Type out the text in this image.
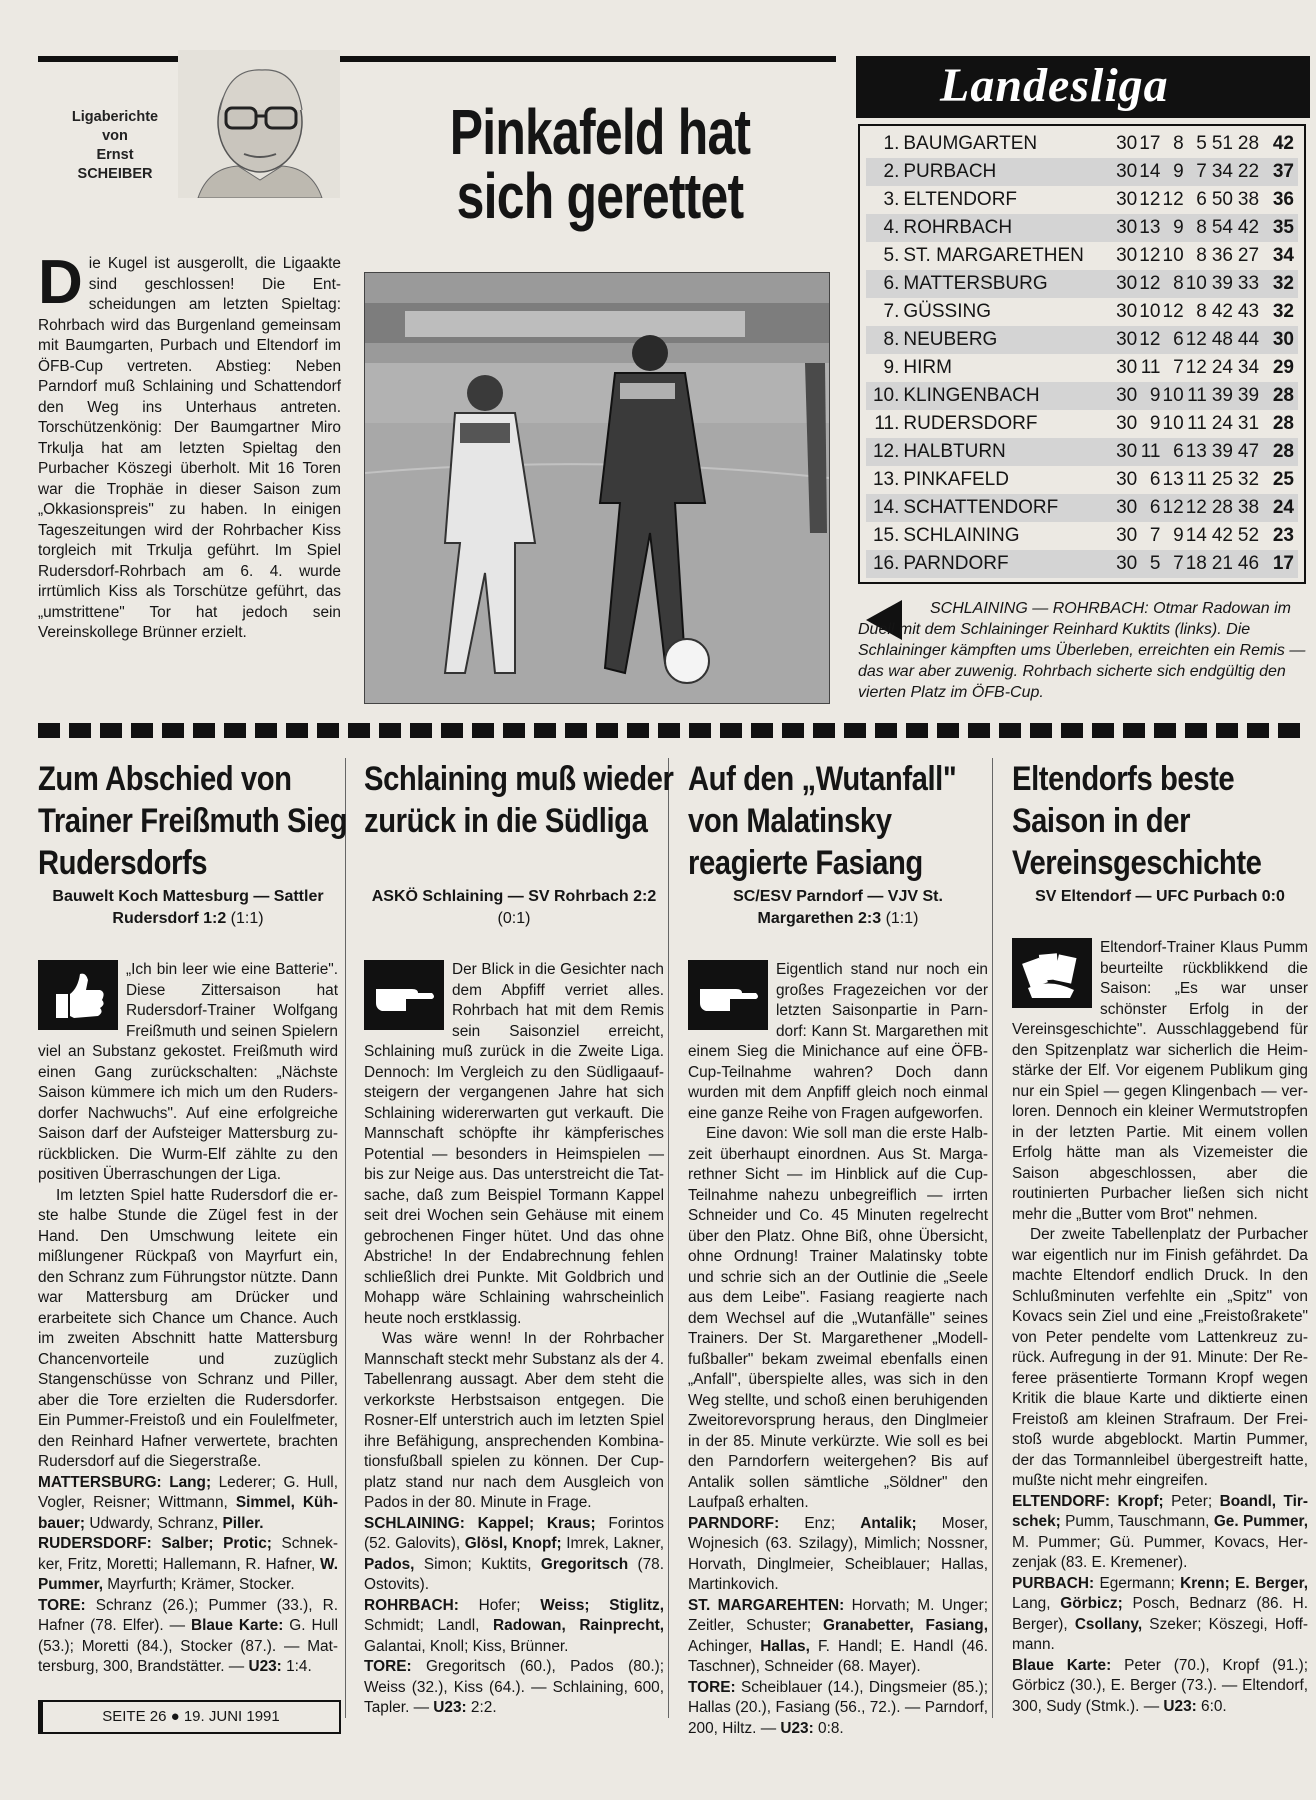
Ligaberichte
von
Ernst
SCHEIBER
Pinkafeld hat
sich gerettet
Die Kugel ist ausgerollt, die Ligaakte sind geschlossen! Die Entscheidungen am letzten Spieltag: Rohrbach wird das Burgenland gemeinsam mit Baumgarten, Purbach und Eltendorf im ÖFB-Cup vertreten. Abstieg: Neben Parndorf muß Schlaining und Schattendorf den Weg ins Unterhaus antreten. Torschützenkönig: Der Baumgartner Miro Trkulja hat am letzten Spieltag den Purbacher Köszegi überholt. Mit 16 Toren war die Trophäe in dieser Saison zum „Okkasionspreis" zu haben. In einigen Tageszeitungen wird der Rohrbacher Kiss torgleich mit Trkulja geführt. Im Spiel Rudersdorf-Rohrbach am 6. 4. wurde irrtümlich Kiss als Torschütze geführt, das „umstrittene" Tor hat jedoch sein Vereinskollege Brünner erzielt.
Landesliga
1.	BAUMGARTEN	30	17	8	5	51	28	42
2.	PURBACH	30	14	9	7	34	22	37
3.	ELTENDORF	30	12	12	6	50	38	36
4.	ROHRBACH	30	13	9	8	54	42	35
5.	ST. MARGARETHEN	30	12	10	8	36	27	34
6.	MATTERSBURG	30	12	8	10	39	33	32
7.	GÜSSING	30	10	12	8	42	43	32
8.	NEUBERG	30	12	6	12	48	44	30
9.	HIRM	30	11	7	12	24	34	29
10.	KLINGENBACH	30	9	10	11	39	39	28
11.	RUDERSDORF	30	9	10	11	24	31	28
12.	HALBTURN	30	11	6	13	39	47	28
13.	PINKAFELD	30	6	13	11	25	32	25
14.	SCHATTENDORF	30	6	12	12	28	38	24
15.	SCHLAINING	30	7	9	14	42	52	23
16.	PARNDORF	30	5	7	18	21	46	17
SCHLAINING — ROHRBACH: Otmar Radowan im Duell mit dem Schlaininger Reinhard Kuktits (links). Die Schlaininger kämpften ums Überleben, erreichten ein Remis — das war aber zuwenig. Rohrbach sicherte sich endgültig den vierten Platz im ÖFB-Cup.
Zum Abschied von Trainer Freißmuth Sieg Rudersdorfs
Bauwelt Koch Mattesburg — Sattler Rudersdorf 1:2 (1:1)

„Ich bin leer wie eine Batterie". Diese Zittersaison hat Rudersdorf-Trainer Wolfgang Freißmuth und seinen Spielern viel an Substanz gekostet. Freißmuth wird einen Gang zurückschalten: „Nächste Saison kümmere ich mich um den Rudersdorfer Nachwuchs". Auf eine erfolgreiche Saison darf der Aufsteiger Mattersburg zurückblicken. Die Wurm-Elf zählte zu den positiven Überraschungen der Liga.

Im letzten Spiel hatte Rudersdorf die erste halbe Stunde die Zügel fest in der Hand. Den Umschwung leitete ein mißlungener Rückpaß von Mayrfurt ein, den Schranz zum Führungstor nützte. Dann war Mattersburg am Drücker und erarbeitete sich Chance um Chance. Auch im zweiten Abschnitt hatte Mattersburg Chancenvorteile und zuzüglich Stangenschüsse von Schranz und Piller, aber die Tore erzielten die Rudersdorfer. Ein Pummer-Freistoß und ein Foulelfmeter, den Reinhard Hafner verwertete, brachten Rudersdorf auf die Siegerstraße.

MATTERSBURG: Lang; Lederer; G. Hull, Vogler, Reisner; Wittmann, Simmel, Kühbauer; Udwardy, Schranz, Piller.
RUDERSDORF: Salber; Protic; Schnekker, Fritz, Moretti; Hallemann, R. Hafner, W. Pummer, Mayrfurth; Krämer, Stocker.
TORE: Schranz (26.); Pummer (33.), R. Hafner (78. Elfer). — Blaue Karte: G. Hull (53.); Moretti (84.), Stocker (87.). — Mattersburg, 300, Brandstätter. — U23: 1:4.
Schlaining muß wieder zurück in die Südliga
ASKÖ Schlaining — SV Rohrbach 2:2 (0:1)

Der Blick in die Gesichter nach dem Abpfiff verriet alles. Rohrbach hat mit dem Remis sein Saisonziel erreicht, Schlaining muß zurück in die Zweite Liga. Dennoch: Im Vergleich zu den Südligaaufsteigern der vergangenen Jahre hat sich Schlaining widererwarten gut verkauft. Die Mannschaft schöpfte ihr kämpferisches Potential — besonders in Heimspielen — bis zur Neige aus. Das unterstreicht die Tatsache, daß zum Beispiel Tormann Kappel seit drei Wochen sein Gehäuse mit einem gebrochenen Finger hütet. Und das ohne Abstriche! In der Endabrechnung fehlen schließlich drei Punkte. Mit Goldbrich und Mohapp wäre Schlaining wahrscheinlich heute noch erstklassig.

Was wäre wenn! In der Rohrbacher Mannschaft steckt mehr Substanz als der 4. Tabellenrang aussagt. Aber dem steht die verkorkste Herbstsaison entgegen. Die Rosner-Elf unterstrich auch im letzten Spiel ihre Befähigung, ansprechenden Kombinationsfußball spielen zu können. Der Cupplatz stand nur nach dem Ausgleich von Pados in der 80. Minute in Frage.

SCHLAINING: Kappel; Kraus; Forintos (52. Galovits), Glösl, Knopf; Imrek, Lakner, Pados, Simon; Kuktits, Gregoritsch (78. Ostovits).
ROHRBACH: Hofer; Weiss; Stiglitz, Schmidt; Landl, Radowan, Rainprecht, Galantai, Knoll; Kiss, Brünner.
TORE: Gregoritsch (60.), Pados (80.); Weiss (32.), Kiss (64.). — Schlaining, 600, Tapler. — U23: 2:2.
Auf den „Wutanfall" von Malatinsky reagierte Fasiang
SC/ESV Parndorf — VJV St. Margarethen 2:3 (1:1)

Eigentlich stand nur noch ein großes Fragezeichen vor der letzten Saisonpartie in Parndorf: Kann St. Margarethen mit einem Sieg die Minichance auf eine ÖFB-Cup-Teilnahme wahren? Doch dann wurden mit dem Anpfiff gleich noch einmal eine ganze Reihe von Fragen aufgeworfen.

Eine davon: Wie soll man die erste Halbzeit überhaupt einordnen. Aus St. Margarethner Sicht — im Hinblick auf die Cup-Teilnahme nahezu unbegreiflich — irrten Schneider und Co. 45 Minuten regelrecht über den Platz. Ohne Biß, ohne Übersicht, ohne Ordnung! Trainer Malatinsky tobte und schrie sich an der Outlinie die „Seele aus dem Leibe". Fasiang reagierte nach dem Wechsel auf die „Wutanfälle" seines Trainers. Der St. Margarethener „Modellfußballer" bekam zweimal ebenfalls einen „Anfall", überspielte alles, was sich in den Weg stellte, und schoß einen beruhigenden Zweitorevorsprung heraus, den Dinglmeier in der 85. Minute verkürzte. Wie soll es bei den Parndorfern weitergehen? Bis auf Antalik sollen sämtliche „Söldner" den Laufpaß erhalten.

PARNDORF: Enz; Antalik; Moser, Wojnesich (63. Szilagy), Mimlich; Nossner, Horvath, Dinglmeier, Scheiblauer; Hallas, Martinkovich.
ST. MARGAREHTEN: Horvath; M. Unger; Zeitler, Schuster; Granabetter, Fasiang, Achinger, Hallas, F. Handl; E. Handl (46. Taschner), Schneider (68. Mayer).
TORE: Scheiblauer (14.), Dingsmeier (85.); Hallas (20.), Fasiang (56., 72.). — Parndorf, 200, Hiltz. — U23: 0:8.
Eltendorfs beste Saison in der Vereinsgeschichte
SV Eltendorf — UFC Purbach 0:0

Eltendorf-Trainer Klaus Pumm beurteilte rückblikkend die Saison: „Es war unser schönster Erfolg in der Vereinsgeschichte". Ausschlaggebend für den Spitzenplatz war sicherlich die Heimstärke der Elf. Vor eigenem Publikum ging nur ein Spiel — gegen Klingenbach — verloren. Dennoch ein kleiner Wermutstropfen in der letzten Partie. Mit einem vollen Erfolg hätte man als Vizemeister die Saison abgeschlossen, aber die routinierten Purbacher ließen sich nicht mehr die „Butter vom Brot" nehmen.

Der zweite Tabellenplatz der Purbacher war eigentlich nur im Finish gefährdet. Da machte Eltendorf endlich Druck. In den Schlußminuten verfehlte ein „Spitz" von Kovacs sein Ziel und eine „Freistoßrakete" von Peter pendelte vom Lattenkreuz zurück. Aufregung in der 91. Minute: Der Referee präsentierte Tormann Kropf wegen Kritik die blaue Karte und diktierte einen Freistoß am kleinen Strafraum. Der Freistoß wurde abgeblockt. Martin Pummer, der das Tormannleibel übergestreift hatte, mußte nicht mehr eingreifen.

ELTENDORF: Kropf; Peter; Boandl, Tirschek; Pumm, Tauschmann, Ge. Pummer, M. Pummer; Gü. Pummer, Kovacs, Herzenjak (83. E. Kremener).
PURBACH: Egermann; Krenn; E. Berger, Lang, Görbicz; Posch, Bednarz (86. H. Berger), Csollany, Szeker; Köszegi, Hoffmann.
Blaue Karte: Peter (70.), Kropf (91.); Görbicz (30.), E. Berger (73.). — Eltendorf, 300, Sudy (Stmk.). — U23: 6:0.
SEITE 26 ● 19. JUNI 1991
